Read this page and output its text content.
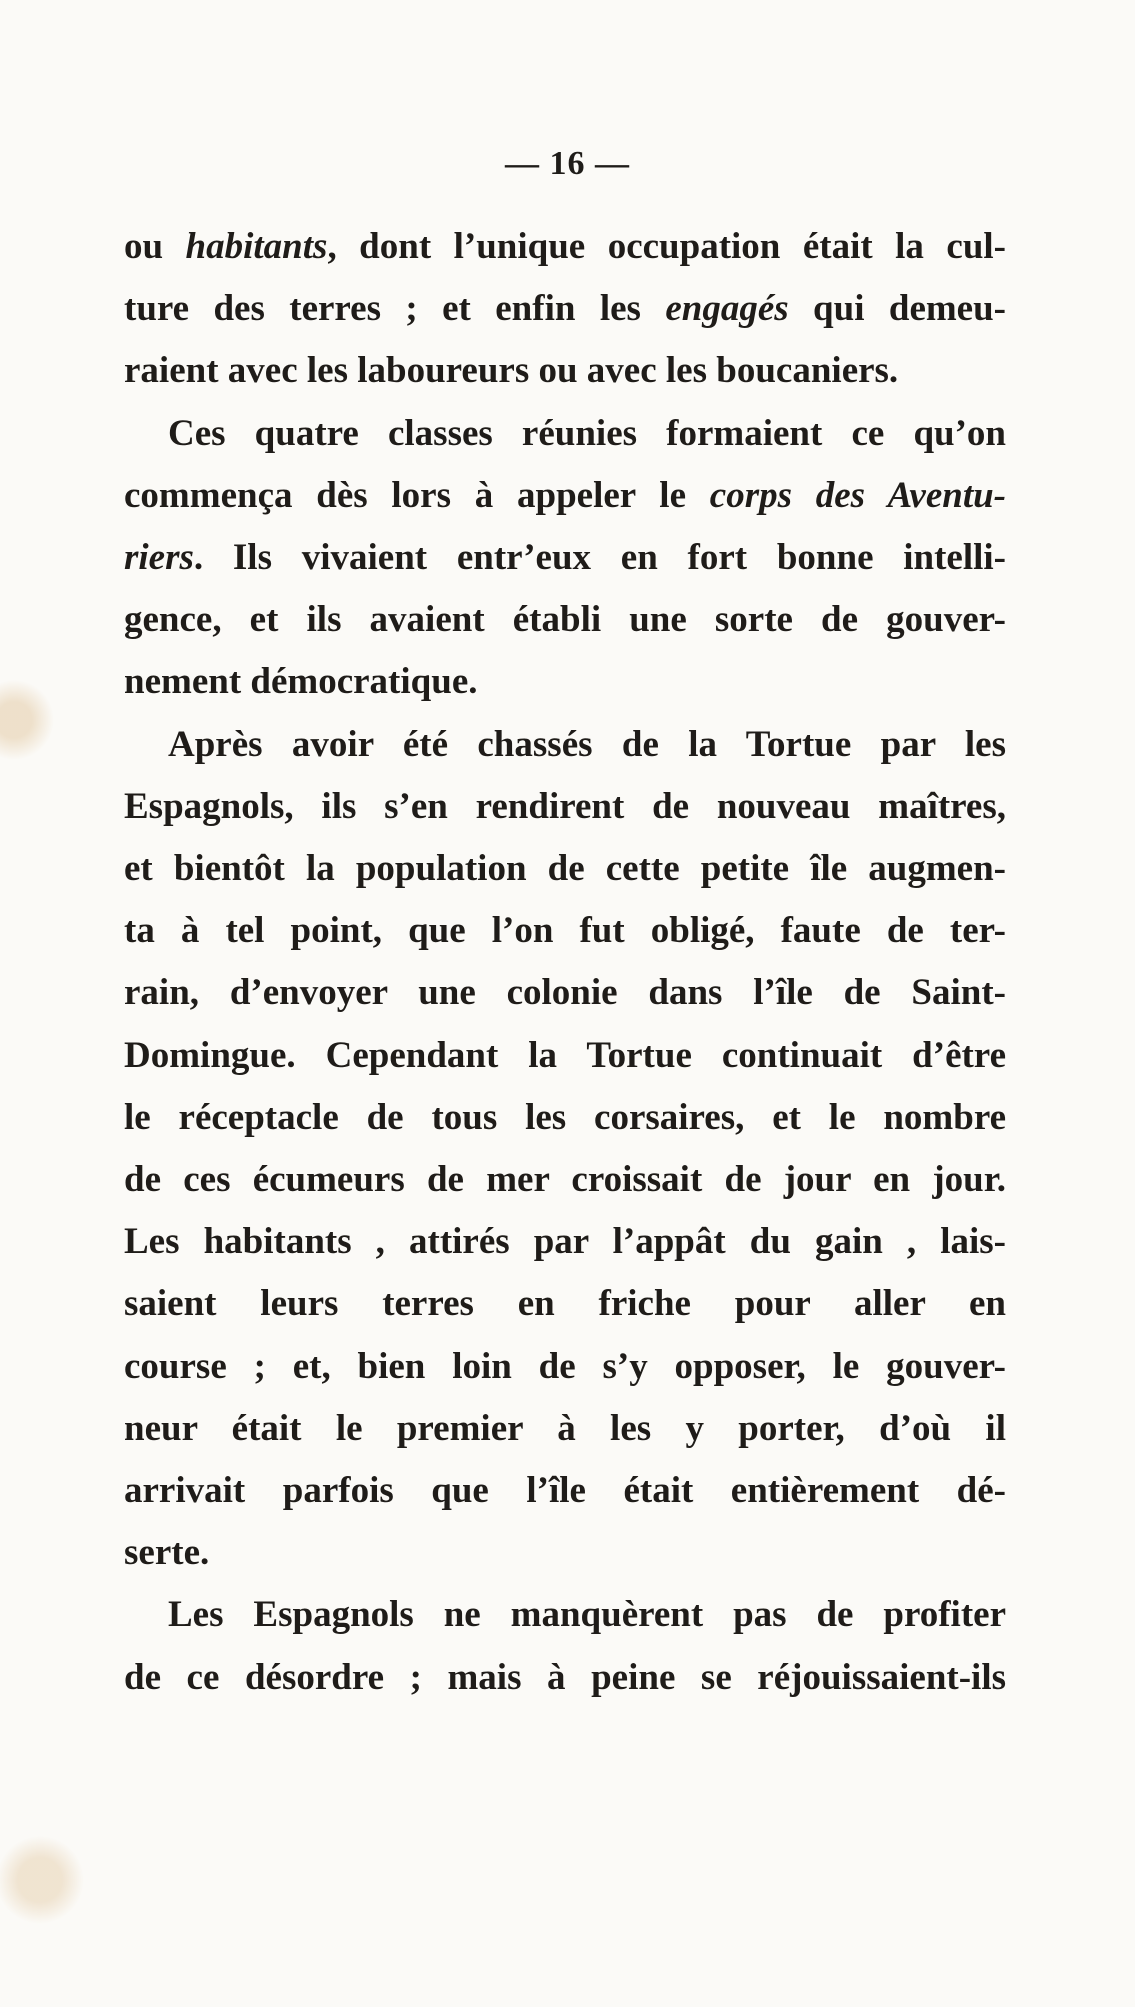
— 16 —
ou habitants, dont l’unique occupation était la cul-
ture des terres ; et enfin les engagés qui demeu-
raient avec les laboureurs ou avec les boucaniers.
Ces quatre classes réunies formaient ce qu’on
commença dès lors à appeler le corps des Aventu-
riers. Ils vivaient entr’eux en fort bonne intelli-
gence, et ils avaient établi une sorte de gouver-
nement démocratique.
Après avoir été chassés de la Tortue par les
Espagnols, ils s’en rendirent de nouveau maîtres,
et bientôt la population de cette petite île augmen-
ta à tel point, que l’on fut obligé, faute de ter-
rain, d’envoyer une colonie dans l’île de Saint-
Domingue. Cependant la Tortue continuait d’être
le réceptacle de tous les corsaires, et le nombre
de ces écumeurs de mer croissait de jour en jour.
Les habitants , attirés par l’appât du gain , lais-
saient leurs terres en friche pour aller en
course ; et, bien loin de s’y opposer, le gouver-
neur était le premier à les y porter, d’où il
arrivait parfois que l’île était entièrement dé-
serte.
Les Espagnols ne manquèrent pas de profiter
de ce désordre ; mais à peine se réjouissaient-ils
